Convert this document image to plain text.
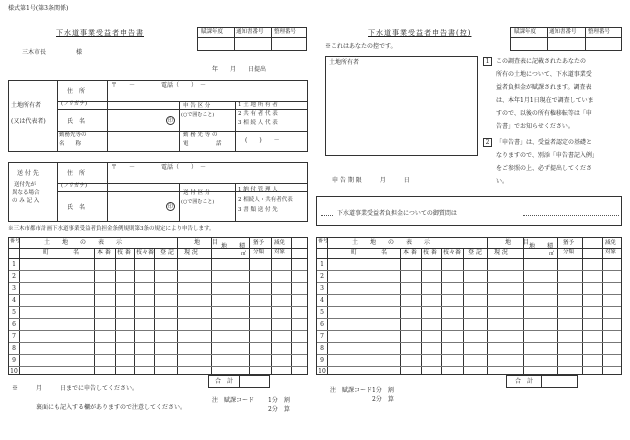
様式第1号(第3条関係)
下水道事業受益者申告書
三木市長	様
賦課年度 通知書番号 整理番号
年　　月　　日提出
土地所有者
(又は代表者)
住　所
〒　　－	電話（　　）　－
(フリガナ)
氏　名	印
勤務先等の
名　　称
申 告 区 分
(○で囲むこと)
1 土 地 所 有 者
2 共 有 者 代 表
3 相 続 人 代 表
勤 務 先 等 の
電　　　　　話	(　　)　　－
送 付 先
送付先が
異なる場合
の み 記 入
住　所
〒　　－	電話（　　）　－
(フリガナ)
氏　名	印
送 付 区 分
(○で囲むこと)
1 納 付 管 理 人
2 相続人・共有者代表
3 書 類 送 付 先
※三木市都市計画下水道事業受益者負担金条例規則第3条の規定により申告します。
番号	土　　地　　の　　表　　示	地　　目
地　　積
㎡
町　　　　名	本 番 枝 番 枝々番 登 記 現 況
猶予
分類
減免
対象
1
2
3
4
5
6
7
8
9
10
合　計
※　　　月　　　日までに申告してください。
注　賦課コード 1分　割
2分　算
裏面にも記入する欄がありますので注意してください。
下水道事業受益者申告書(控)
※これはあなたの控です。
賦課年度 通知書番号 整理番号
土地所有者	1	この調査表に記載されたあなたの
所有の土地について、下水道事業受
益者負担金が賦課されます。調査表
は、本年1月1日現在で調査していま
すので、以後の所有権移転等は「申
告書」でお知らせください。
2	「申告書」は、受益者認定の基礎と
なりますので、別添「申告書記入例」
をご参照の上、必ず提出してくださ
い。
申 告 期 限　　　月　　　日
下水道事業受益者負担金についての御質問は
番号	土　　地　　の　　表　　示	地　　目
地　　積
㎡
町　　　　名	本 番 枝 番 枝々番 登 記 現 況
猶予
分類
減免
対象
1
2
3
4
5
6
7
8
9
10
合　計
注　賦課コード 1分　割
2分　算
